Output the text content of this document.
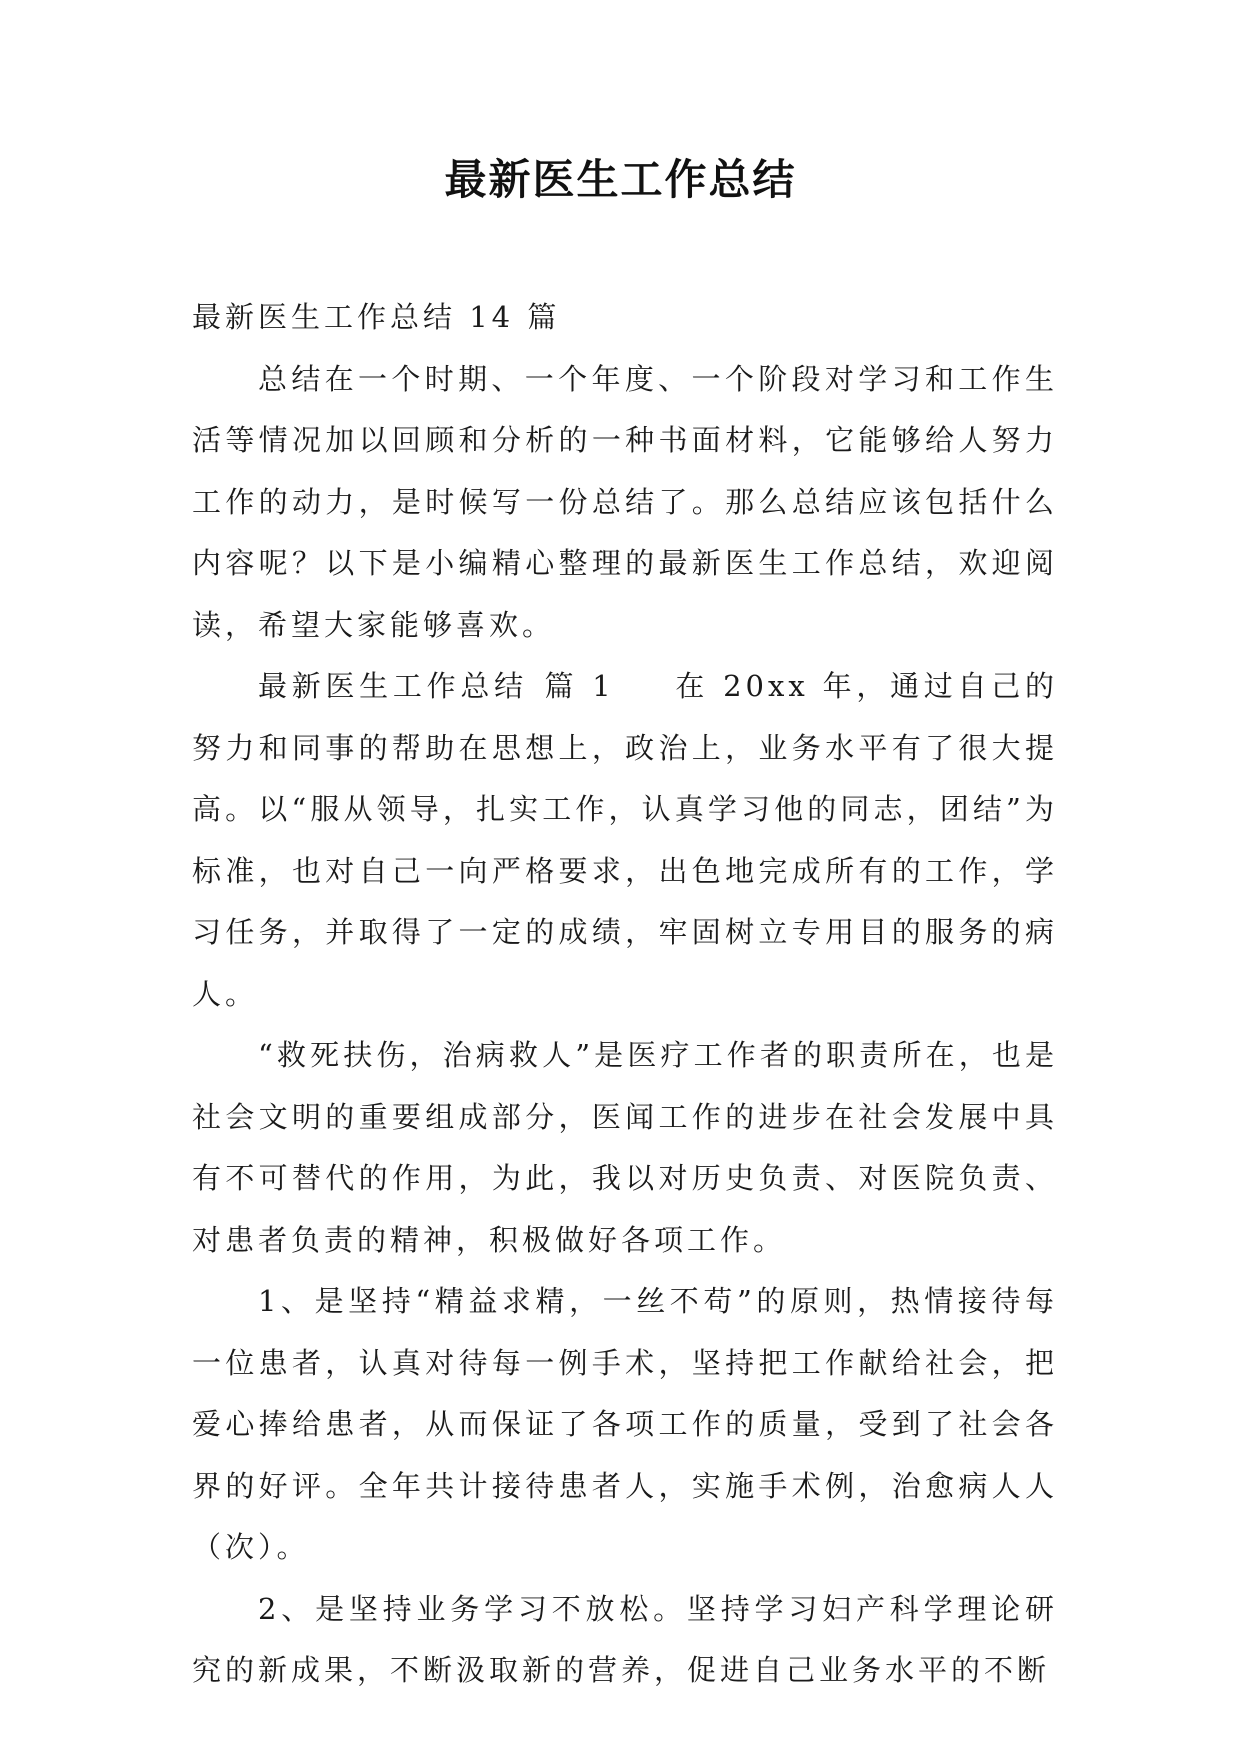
最新医生工作总结

最新医生工作总结 14 篇

总结在一个时期、一个年度、一个阶段对学习和工作生活等情况加以回顾和分析的一种书面材料，它能够给人努力工作的动力，是时候写一份总结了。那么总结应该包括什么内容呢？以下是小编精心整理的最新医生工作总结，欢迎阅读，希望大家能够喜欢。

最新医生工作总结 篇 1 在 20xx 年，通过自己的努力和同事的帮助在思想上，政治上，业务水平有了很大提高。以“服从领导，扎实工作，认真学习他的同志，团结”为标准，也对自己一向严格要求，出色地完成所有的工作，学习任务，并取得了一定的成绩，牢固树立专用目的服务的病人。

“救死扶伤，治病救人”是医疗工作者的职责所在，也是社会文明的重要组成部分，医闻工作的进步在社会发展中具有不可替代的作用，为此，我以对历史负责、对医院负责、对患者负责的精神，积极做好各项工作。

1、是坚持“精益求精，一丝不苟”的原则，热情接待每一位患者，认真对待每一例手术，坚持把工作献给社会，把爱心捧给患者，从而保证了各项工作的质量，受到了社会各界的好评。全年共计接待患者人，实施手术例，治愈病人人（次）。

2、是坚持业务学习不放松。坚持学习妇产科学理论研究的新成果，不断汲取新的营养，促进自己业务水平的不断
